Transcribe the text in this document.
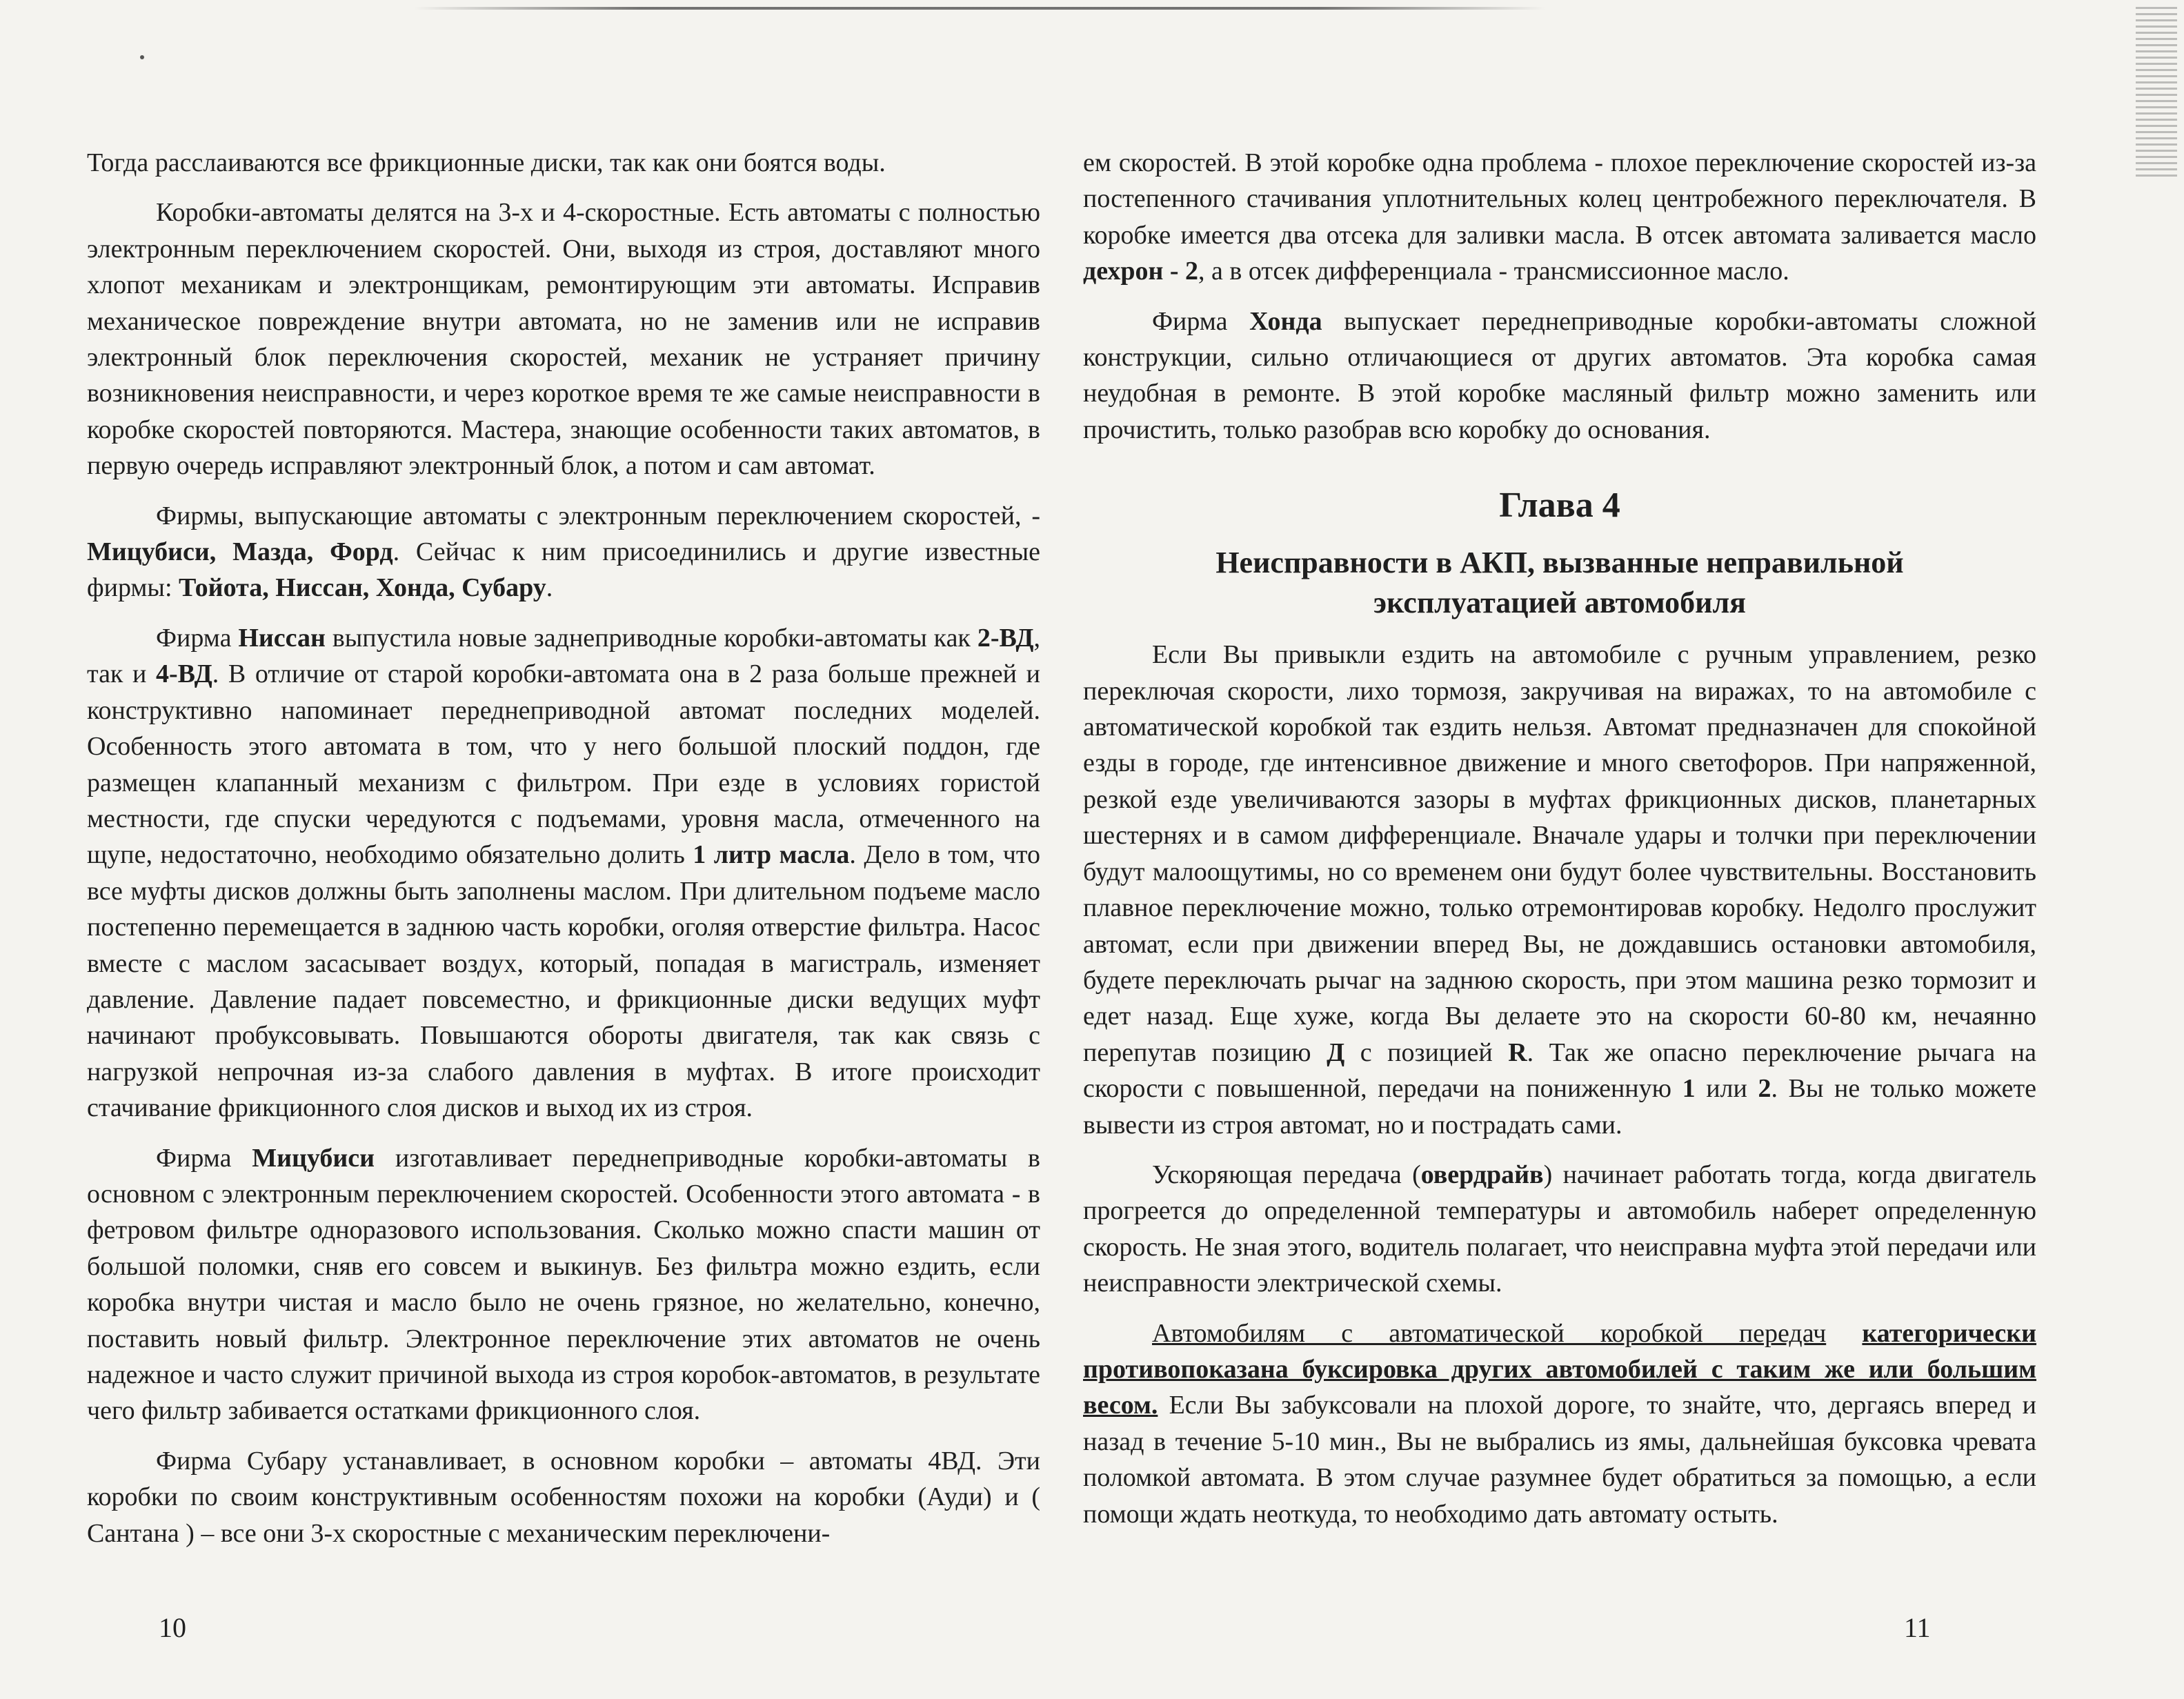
Тогда расслаиваются все фрикционные диски, так как они боятся воды.

Коробки-автоматы делятся на 3-х и 4-скоростные. Есть автоматы с полностью электронным переключением скоростей. Они, выходя из строя, доставляют много хлопот механикам и электронщикам, ремонтирующим эти автоматы. Исправив механическое повреждение внутри автомата, но не заменив или не исправив электронный блок переключения скоростей, механик не устраняет причину возникновения неисправности, и через короткое время те же самые неисправности в коробке скоростей повторяются. Мастера, знающие особенности таких автоматов, в первую очередь исправляют электронный блок, а потом и сам автомат.

Фирмы, выпускающие автоматы с электронным переключением скоростей, - Мицубиси, Мазда, Форд. Сейчас к ним присоединились и другие известные фирмы: Тойота, Ниссан, Хонда, Субару.

Фирма Ниссан выпустила новые заднеприводные коробки-автоматы как 2-ВД, так и 4-ВД. В отличие от старой коробки-автомата она в 2 раза больше прежней и конструктивно напоминает переднеприводной автомат последних моделей. Особенность этого автомата в том, что у него большой плоский поддон, где размещен клапанный механизм с фильтром. При езде в условиях гористой местности, где спуски чередуются с подъемами, уровня масла, отмеченного на щупе, недостаточно, необходимо обязательно долить 1 литр масла. Дело в том, что все муфты дисков должны быть заполнены маслом. При длительном подъеме масло постепенно перемещается в заднюю часть коробки, оголяя отверстие фильтра. Насос вместе с маслом засасывает воздух, который, попадая в магистраль, изменяет давление. Давление падает повсеместно, и фрикционные диски ведущих муфт начинают пробуксовывать. Повышаются обороты двигателя, так как связь с нагрузкой непрочная из-за слабого давления в муфтах. В итоге происходит стачивание фрикционного слоя дисков и выход их из строя.

Фирма Мицубиси изготавливает переднеприводные коробки-автоматы в основном с электронным переключением скоростей. Особенности этого автомата - в фетровом фильтре одноразового использования. Сколько можно спасти машин от большой поломки, сняв его совсем и выкинув. Без фильтра можно ездить, если коробка внутри чистая и масло было не очень грязное, но желательно, конечно, поставить новый фильтр. Электронное переключение этих автоматов не очень надежное и часто служит причиной выхода из строя коробок-автоматов, в результате чего фильтр забивается остатками фрикционного слоя.

Фирма Субару устанавливает, в основном коробки – автоматы 4ВД. Эти коробки по своим конструктивным особенностям похожи на коробки (Ауди) и ( Сантана ) – все они 3-х скоростные с механическим переключени-

10

ем скоростей. В этой коробке одна проблема - плохое переключение скоростей из-за постепенного стачивания уплотнительных колец центробежного переключателя. В коробке имеется два отсека для заливки масла. В отсек автомата заливается масло дехрон - 2, а в отсек дифференциала - трансмиссионное масло.

Фирма Хонда выпускает переднеприводные коробки-автоматы сложной конструкции, сильно отличающиеся от других автоматов. Эта коробка самая неудобная в ремонте. В этой коробке масляный фильтр можно заменить или прочистить, только разобрав всю коробку до основания.

Глава 4
Неисправности в АКП, вызванные неправильной
эксплуатацией автомобиля

Если Вы привыкли ездить на автомобиле с ручным управлением, резко переключая скорости, лихо тормозя, закручивая на виражах, то на автомобиле с автоматической коробкой так ездить нельзя. Автомат предназначен для спокойной езды в городе, где интенсивное движение и много светофоров. При напряженной, резкой езде увеличиваются зазоры в муфтах фрикционных дисков, планетарных шестернях и в самом дифференциале. Вначале удары и толчки при переключении будут малоощутимы, но со временем они будут более чувствительны. Восстановить плавное переключение можно, только отремонтировав коробку. Недолго прослужит автомат, если при движении вперед Вы, не дождавшись остановки автомобиля, будете переключать рычаг на заднюю скорость, при этом машина резко тормозит и едет назад. Еще хуже, когда Вы делаете это на скорости 60-80 км, нечаянно перепутав позицию Д с позицией R. Так же опасно переключение рычага на скорости с повышенной, передачи на пониженную 1 или 2. Вы не только можете вывести из строя автомат, но и пострадать сами.

Ускоряющая передача (овердрайв) начинает работать тогда, когда двигатель прогреется до определенной температуры и автомобиль наберет определенную скорость. Не зная этого, водитель полагает, что неисправна муфта этой передачи или неисправности электрической схемы.

Автомобилям с автоматической коробкой передач категорически противопоказана буксировка других автомобилей с таким же или большим весом. Если Вы забуксовали на плохой дороге, то знайте, что, дергаясь вперед и назад в течение 5-10 мин., Вы не выбрались из ямы, дальнейшая буксовка чревата поломкой автомата. В этом случае разумнее будет обратиться за помощью, а если помощи ждать неоткуда, то необходимо дать автомату остыть.

11
